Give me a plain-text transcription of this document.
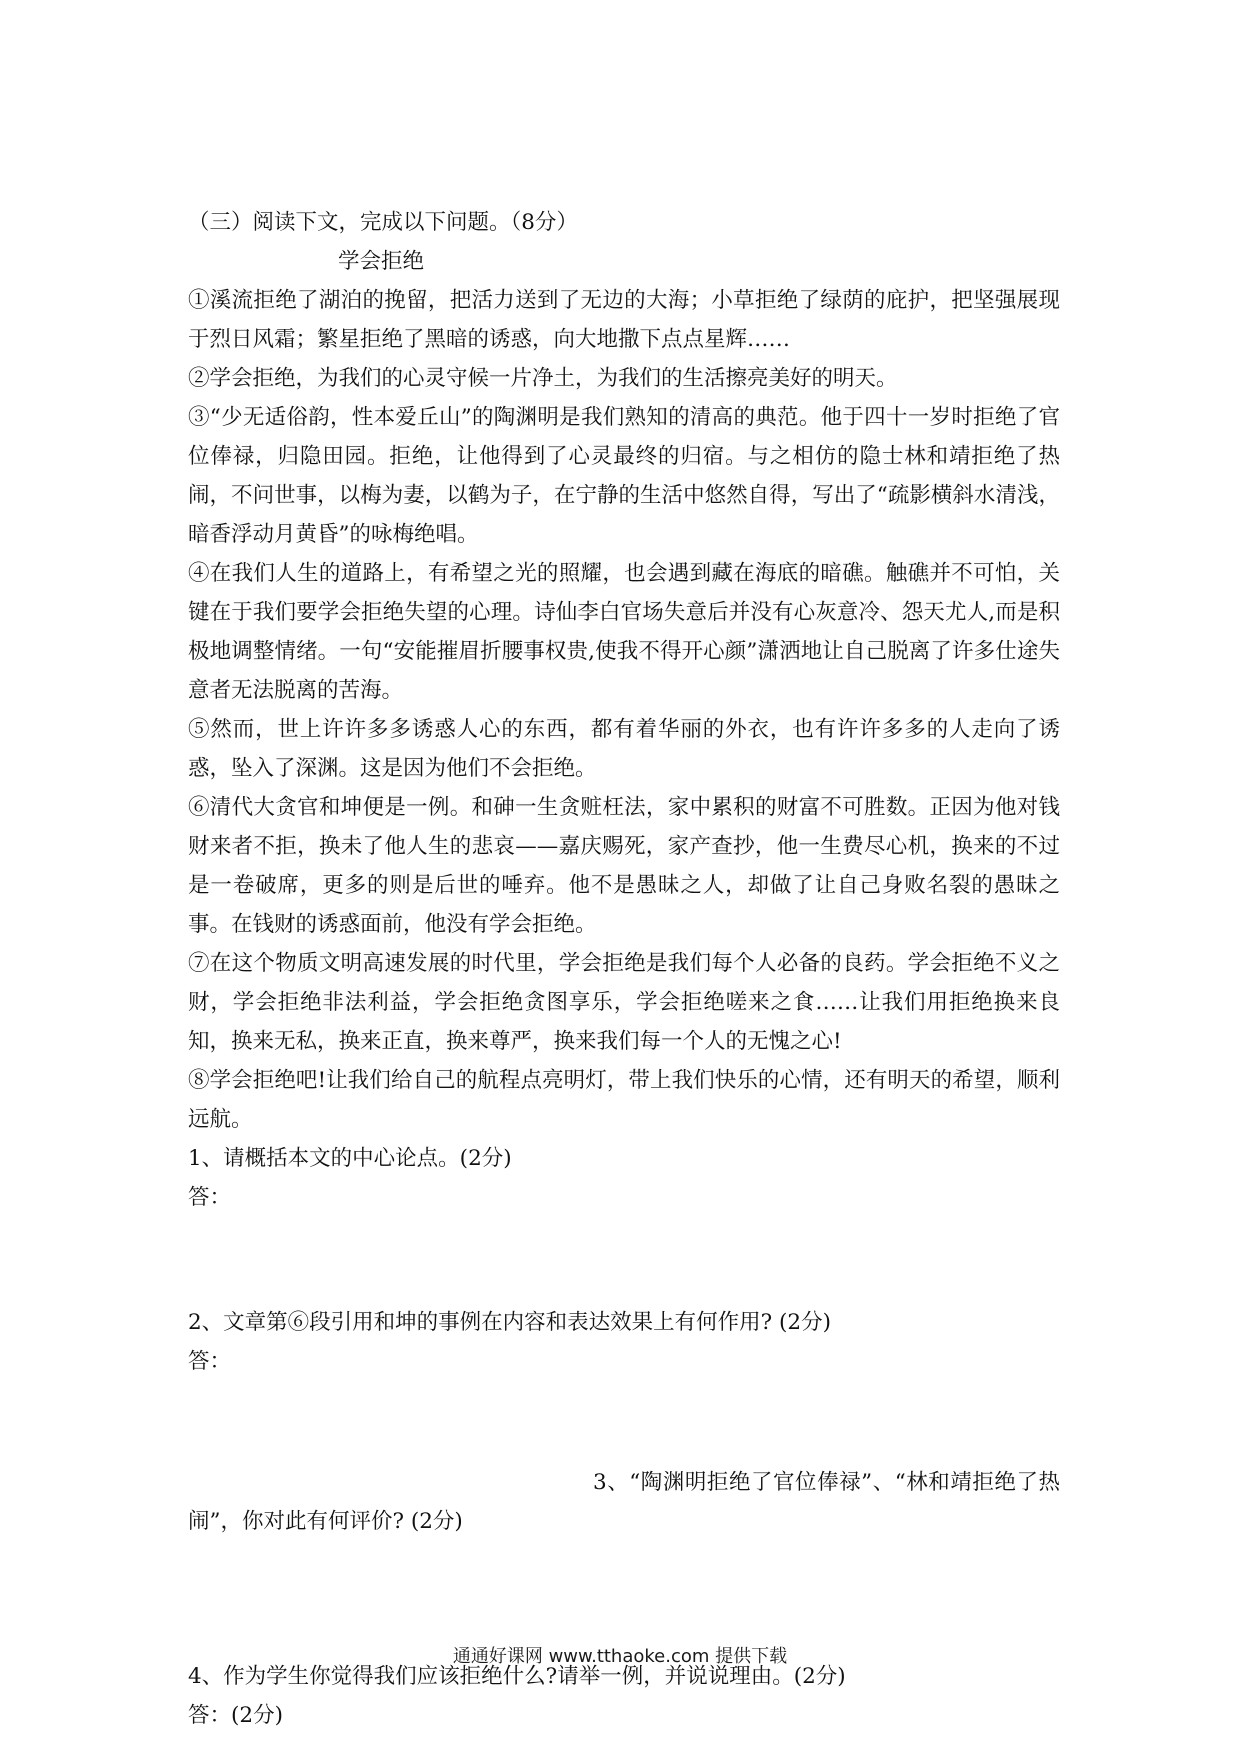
（三）阅读下文，完成以下问题。（8分）

学会拒绝

①溪流拒绝了湖泊的挽留，把活力送到了无边的大海；小草拒绝了绿荫的庇护，把坚强展现于烈日风霜；繁星拒绝了黑暗的诱惑，向大地撒下点点星辉……

②学会拒绝，为我们的心灵守候一片净土，为我们的生活擦亮美好的明天。

③“少无适俗韵，性本爱丘山”的陶渊明是我们熟知的清高的典范。他于四十一岁时拒绝了官位俸禄，归隐田园。拒绝，让他得到了心灵最终的归宿。与之相仿的隐士林和靖拒绝了热闹，不问世事，以梅为妻，以鹤为子，在宁静的生活中悠然自得，写出了“疏影横斜水清浅，暗香浮动月黄昏”的咏梅绝唱。

④在我们人生的道路上，有希望之光的照耀，也会遇到藏在海底的暗礁。触礁并不可怕，关键在于我们要学会拒绝失望的心理。诗仙李白官场失意后并没有心灰意冷、怨天尤人,而是积极地调整情绪。一句“安能摧眉折腰事权贵,使我不得开心颜”潇洒地让自己脱离了许多仕途失意者无法脱离的苦海。

⑤然而，世上许许多多诱惑人心的东西，都有着华丽的外衣，也有许许多多的人走向了诱惑，坠入了深渊。这是因为他们不会拒绝。

⑥清代大贪官和坤便是一例。和砷一生贪赃枉法，家中累积的财富不可胜数。正因为他对钱财来者不拒，换未了他人生的悲哀——嘉庆赐死，家产查抄，他一生费尽心机，换来的不过是一卷破席，更多的则是后世的唾弃。他不是愚昧之人，却做了让自己身败名裂的愚昧之事。在钱财的诱惑面前，他没有学会拒绝。

⑦在这个物质文明高速发展的时代里，学会拒绝是我们每个人必备的良药。学会拒绝不义之财，学会拒绝非法利益，学会拒绝贪图享乐，学会拒绝嗟来之食……让我们用拒绝换来良知，换来无私，换来正直，换来尊严，换来我们每一个人的无愧之心!

⑧学会拒绝吧!让我们给自己的航程点亮明灯，带上我们快乐的心情，还有明天的希望，顺利远航。

1、请概括本文的中心论点。(2分)

答：

2、文章第⑥段引用和坤的事例在内容和表达效果上有何作用? (2分)

答：

3、“陶渊明拒绝了官位俸禄”、“林和靖拒绝了热闹”，你对此有何评价? (2分)

4、作为学生你觉得我们应该拒绝什么?请举一例，并说说理由。(2分)

答：(2分)

通通好课网 www.tthaoke.com 提供下载
